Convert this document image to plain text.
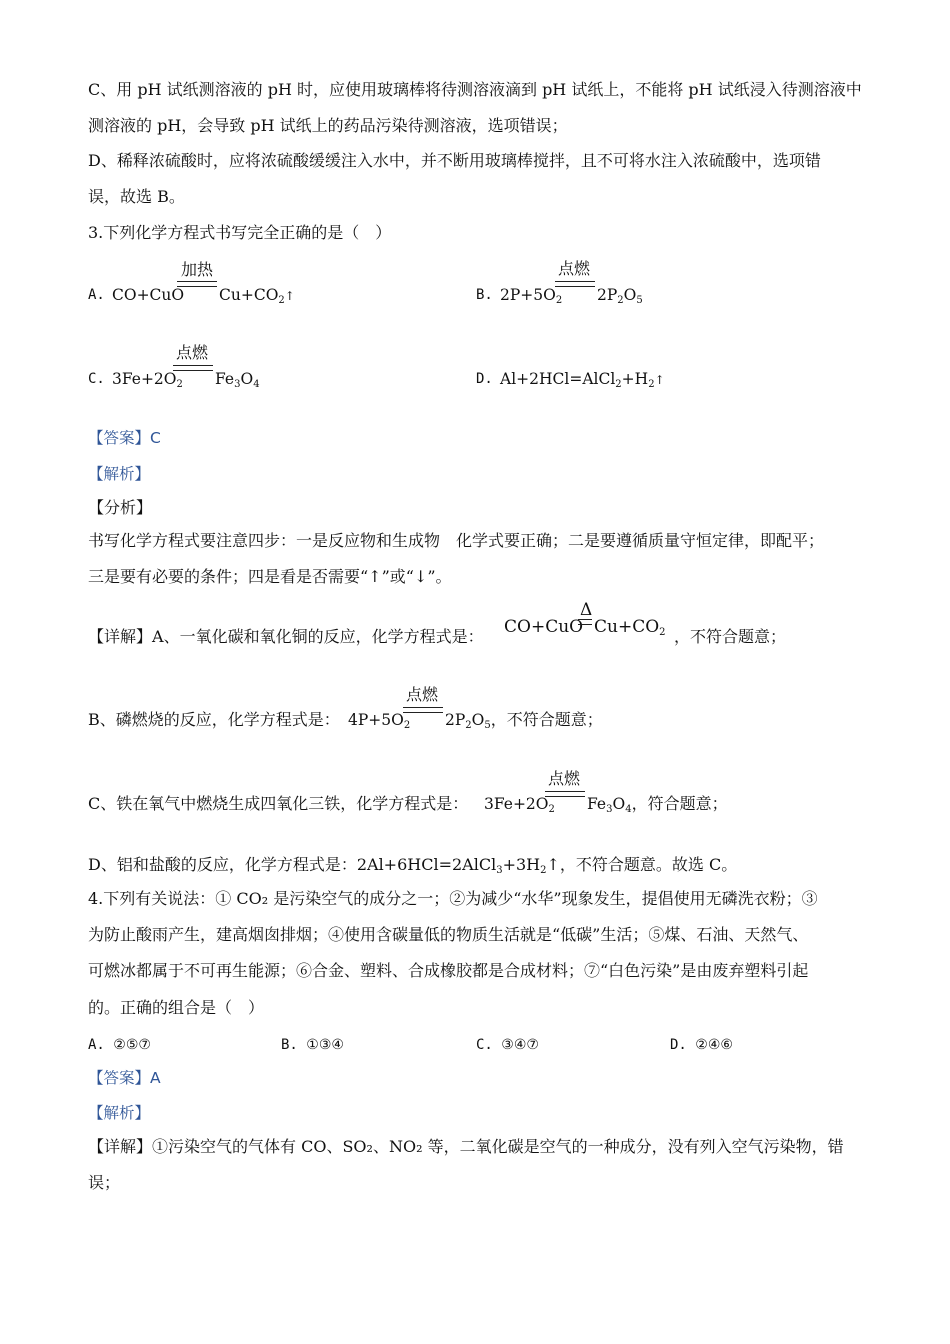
C、用 pH 试纸测溶液的 pH 时，应使用玻璃棒将待测溶液滴到 pH 试纸上，不能将 pH 试纸浸入待测溶液中
测溶液的 pH，会导致 pH 试纸上的药品污染待测溶液，选项错误；
D、稀释浓硫酸时，应将浓硫酸缓缓注入水中，并不断用玻璃棒搅拌，且不可将水注入浓硫酸中，选项错
误，故选 B。
3.下列化学方程式书写完全正确的是（　）
A. CO+CuO
加热
$Cu+CO_2↑$	B. $2P+5O_2$
点燃
$2P_2O_5$
C. $3Fe+2O_2$
点燃
$Fe_3O_4$	D. $Al+2HCl=AlCl_2+H_2↑$
【答案】C
【解析】
【分析】
书写化学方程式要注意四步：一是反应物和生成物　化学式要正确；二是要遵循质量守恒定律，即配平；
三是要有必要的条件；四是看是否需要“↑”或“↓”。
【详解】A、一氧化碳和氧化铜的反应，化学方程式是： CO+CuO
Δ
$Cu+CO_2$ ，不符合题意；
B、磷燃烧的反应，化学方程式是： $4P+5O_2$
点燃
$2P_2O_5$，不符合题意；
C、铁在氧气中燃烧生成四氧化三铁，化学方程式是： $3Fe+2O_2$
点燃
$Fe_3O_4$，符合题意；
D、铝和盐酸的反应，化学方程式是：$2Al+6HCl=2AlCl_3+3H_2↑$，不符合题意。故选 C。
4.下列有关说法：① CO₂ 是污染空气的成分之一；②为减少“水华”现象发生，提倡使用无磷洗衣粉；③
为防止酸雨产生，建高烟囱排烟；④使用含碳量低的物质生活就是“低碳”生活；⑤煤、石油、天然气、
可燃冰都属于不可再生能源；⑥合金、塑料、合成橡胶都是合成材料；⑦“白色污染”是由废弃塑料引起
的。正确的组合是（　）
A. ②⑤⑦	B. ①③④	C. ③④⑦	D. ②④⑥
【答案】A
【解析】
【详解】①污染空气的气体有 CO、SO₂、NO₂ 等，二氧化碳是空气的一种成分，没有列入空气污染物，错
误；
